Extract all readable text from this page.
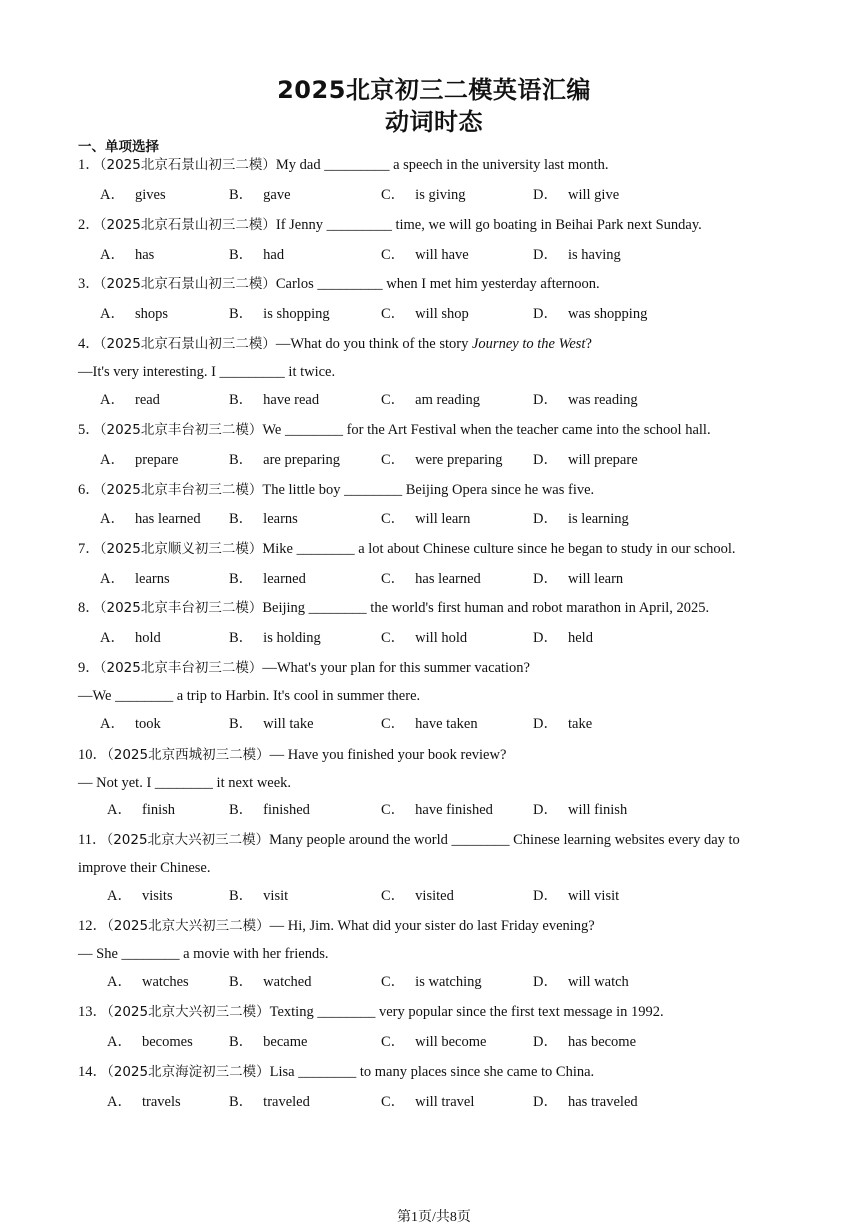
2025北京初三二模英语汇编
动词时态
一、单项选择
1．（2025北京石景山初三二模）My dad _________ a speech in the university last month.
A． gives	B． gave	C． is giving	D． will give
2．（2025北京石景山初三二模）If Jenny _________ time, we will go boating in Beihai Park next Sunday.
A． has	B． had	C． will have	D． is having
3．（2025北京石景山初三二模）Carlos _________ when I met him yesterday afternoon.
A． shops	B． is shopping	C． will shop	D． was shopping
4．（2025北京石景山初三二模）—What do you think of the story Journey to the West?
—It's very interesting. I _________ it twice.
A． read	B． have read	C． am reading	D． was reading
5．（2025北京丰台初三二模）We ________ for the Art Festival when the teacher came into the school hall.
A． prepare	B． are preparing	C． were preparing D． will prepare
6．（2025北京丰台初三二模）The little boy ________ Beijing Opera since he was five.
A． has learned B． learns	C． will learn	D． is learning
7．（2025北京顺义初三二模）Mike ________ a lot about Chinese culture since he began to study in our school.
A． learns	B． learned	C． has learned	D． will learn
8．（2025北京丰台初三二模）Beijing ________ the world's first human and robot marathon in April, 2025.
A． hold	B． is holding	C． will hold	D． held
9．（2025北京丰台初三二模）—What's your plan for this summer vacation?
—We ________ a trip to Harbin. It's cool in summer there.
A． took	B． will take	C． have taken	D． take
10．（2025北京西城初三二模）— Have you finished your book review?
— Not yet. I ________ it next week.
A． finish	B． finished	C． have finished	D． will finish
11．（2025北京大兴初三二模）Many people around the world ________ Chinese learning websites every day to
improve their Chinese.
A． visits	B． visit	C． visited	D． will visit
12．（2025北京大兴初三二模）— Hi, Jim. What did your sister do last Friday evening?
— She ________ a movie with her friends.
A． watches	B． watched	C． is watching	D． will watch
13．（2025北京大兴初三二模）Texting ________ very popular since the first text message in 1992.
A． becomes	B． became	C． will become	D． has become
14．（2025北京海淀初三二模）Lisa ________ to many places since she came to China.
A． travels	B． traveled	C． will travel	D． has traveled
第1页/共8页
